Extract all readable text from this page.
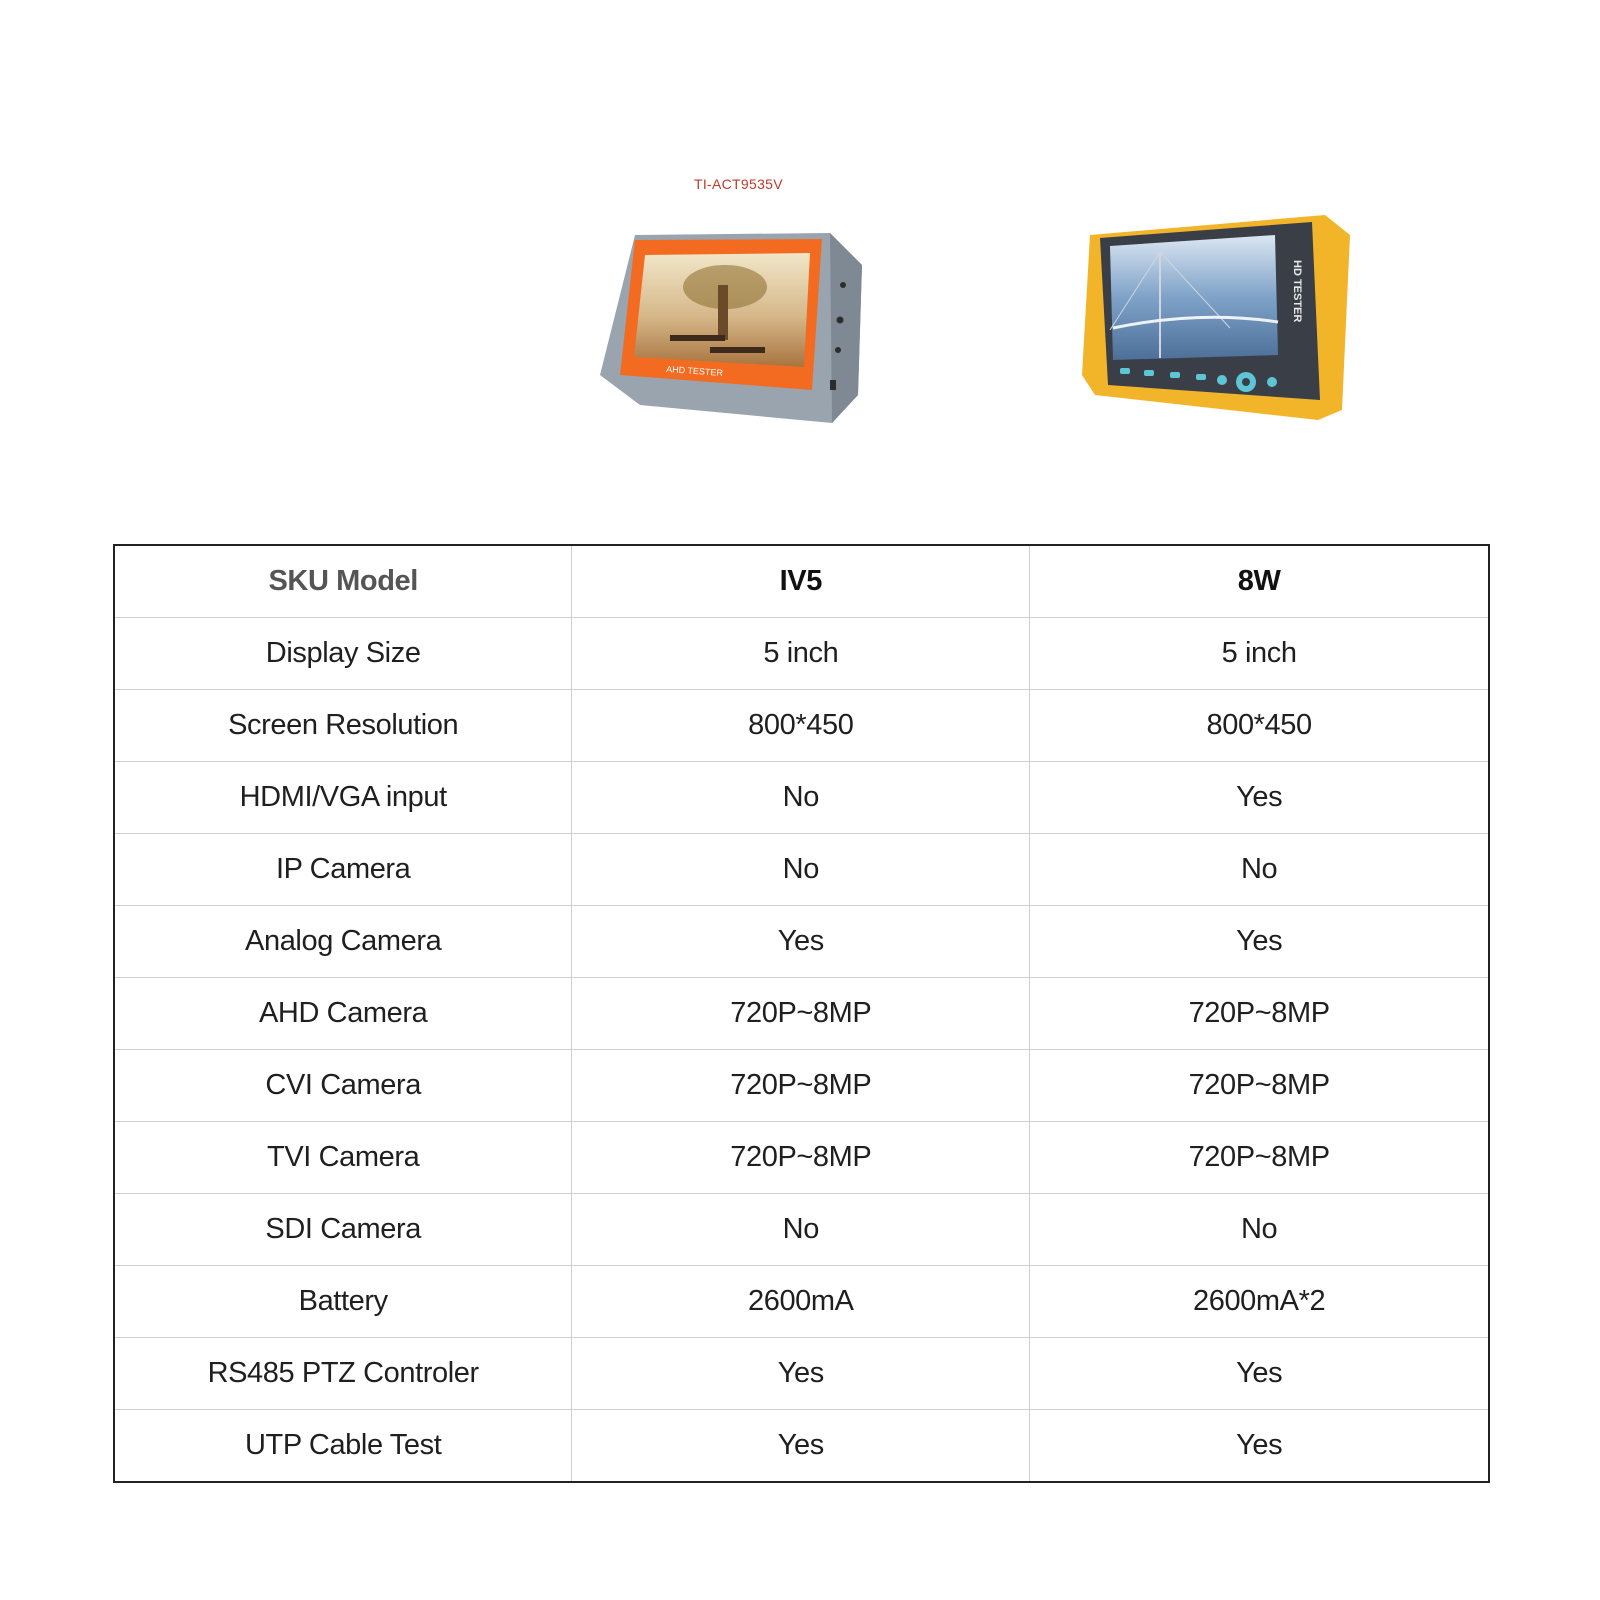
TI-ACT9535V
AHD TESTER
HD TESTER
SKU Model	IV5	8W
Display Size	5 inch	5 inch
Screen Resolution	800*450	800*450
HDMI/VGA input	No	Yes
IP Camera	No	No
Analog Camera	Yes	Yes
AHD Camera	720P~8MP	720P~8MP
CVI Camera	720P~8MP	720P~8MP
TVI Camera	720P~8MP	720P~8MP
SDI Camera	No	No
Battery	2600mA	2600mA*2
RS485 PTZ Controler	Yes	Yes
UTP Cable Test	Yes	Yes
